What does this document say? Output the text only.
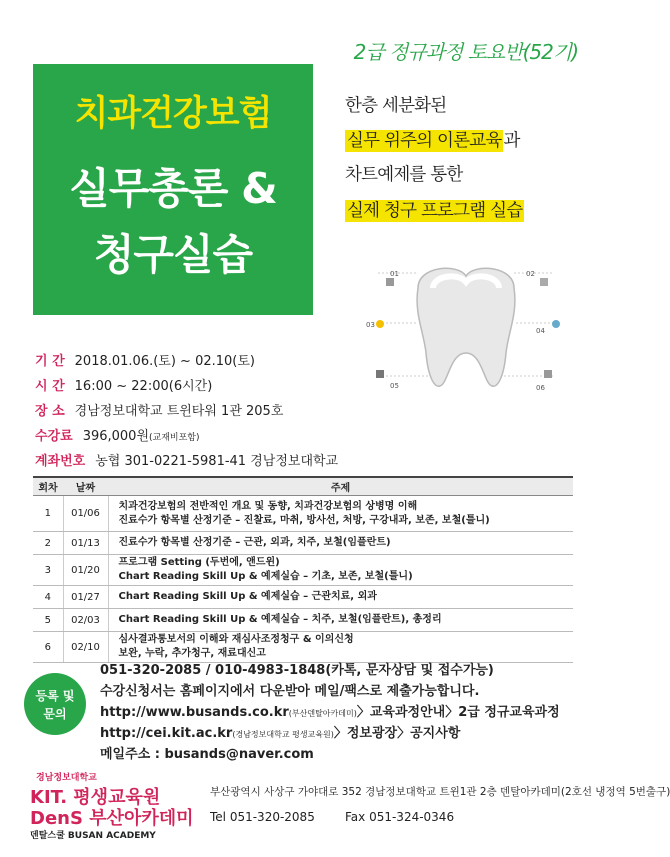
2급 정규과정 토요반(52기)
치과건강보험
실무총론 &
청구실습
한층 세분화된
실무 위주의 이론교육 과
차트예제를 통한
실제 청구 프로그램 실습
01	02
03
04
05	06
기 간 2018.01.06.(토) ~ 02.10(토)
시 간 16:00 ~ 22:00(6시간)
장 소 경남정보대학교 트윈타워 1관 205호
수강료 396,000원(교재비포함)
계좌번호 농협 301-0221-5981-41 경남정보대학교
회차	날짜	주제
1	01/06	치과건강보험의 전반적인 개요 및 동향, 치과건강보험의 상병명 이해
진료수가 항목별 산정기준 – 진찰료, 마취, 방사선, 처방, 구강내과, 보존, 보철(틀니)

2	01/13	진료수가 항목별 산정기준 – 근관, 외과, 치주, 보철(임플란트)

3	01/20	프로그램 Setting (두번에, 앤드윈)
Chart Reading Skill Up & 예제실습 – 기초, 보존, 보철(틀니)

4	01/27	Chart Reading Skill Up & 예제실습 – 근관치료, 외과

5	02/03	Chart Reading Skill Up & 예제실습 – 치주, 보철(임플란트), 총정리

6	02/10	심사결과통보서의 이해와 재심사조정청구 & 이의신청
보완, 누락, 추가청구, 재료대신고
등록 및
문의
051-320-2085 / 010-4983-1848(카톡, 문자상담 및 접수가능)
수강신청서는 홈페이지에서 다운받아 메일/팩스로 제출가능합니다.
http://www.busands.co.kr(부산덴탈아카데미)〉교육과정안내〉2급 정규교육과정
http://cei.kit.ac.kr(경남정보대학교 평생교육원)〉정보광장〉공지사항
메일주소 : busands@naver.com
경남정보대학교
KIT. 평생교육원
DenS 부산아카데미
덴탈스쿨 BUSAN ACADEMY
부산광역시 사상구 가야대로 352 경남정보대학교 트윈1관 2층 덴탈아카데미(2호선 냉정역 5번출구)
Tel 051-320-2085	Fax 051-324-0346
